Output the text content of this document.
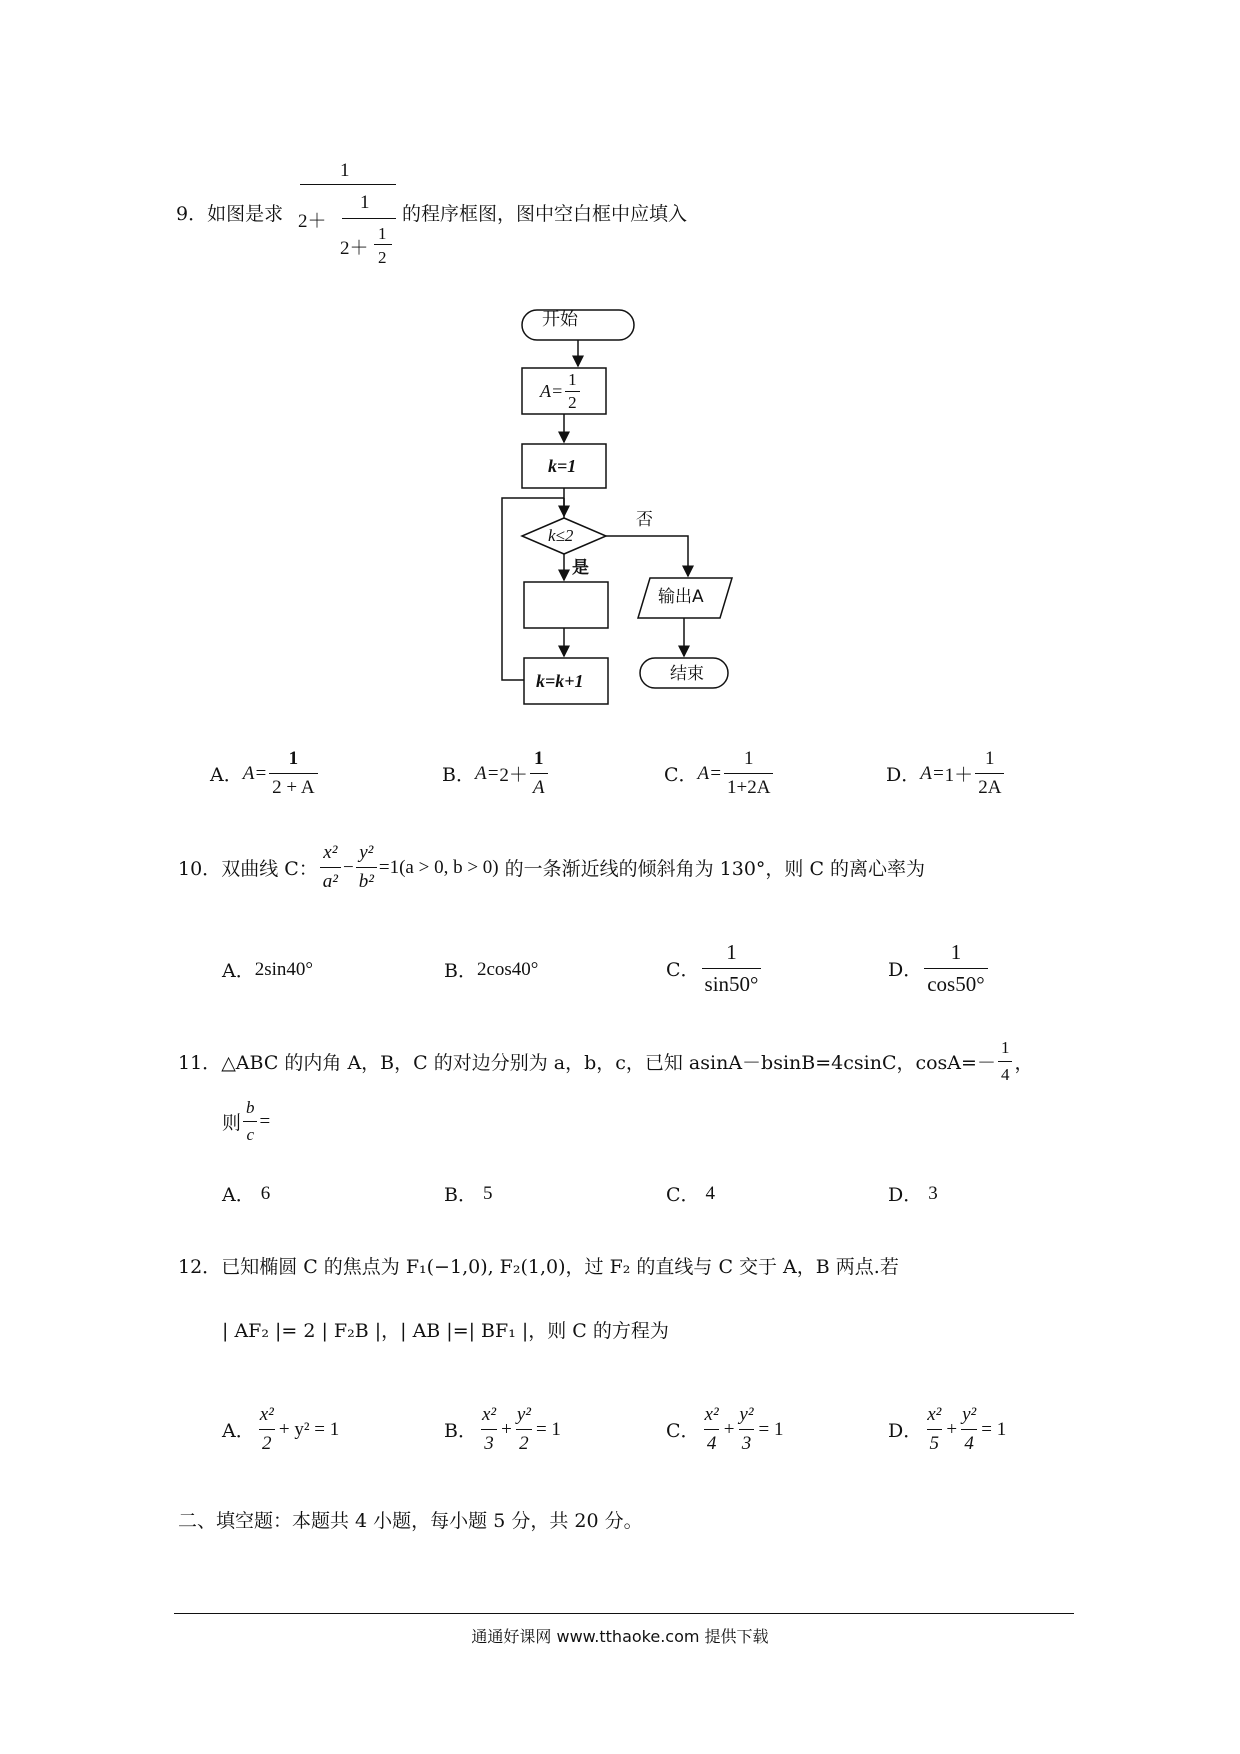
9．如图是求
1
2＋
1
2＋
1
2
的程序框图，图中空白框中应填入
开始
$A= \frac{1}{2}$
k=1
k≤2
否
是
输出A
k=k+1	结束
A． $A= \frac{1}{2 + A}$	B． $A= 2+ \frac{1}{A}$	C． $A= \frac{1}{1+2A}$	D． $A= 1+ \frac{1}{2A}$
10． 双曲线 C： $\frac{\text{x²}}{\text{a²}} - \frac{\text{y²}}{\text{b²}} =1(a > 0$, b > 0) 的一条渐近线的倾斜角为 130°，则 C 的离心率为
A． 2sin40°	B． 2cos40°	C． $\frac{1}{\sin 50^\circ}$	D． $\frac{1}{\cos 50^\circ}$
11． △ABC 的内角 A，B，C 的对边分别为 a，b，c，已知 asinA－bsinB=4csinC，$\cos A=- \frac{1}{4}$ ，
则 $\frac{b}{c}$ =
A． 6	B． 5	C． 4	D． 3
12．已知椭圆 C 的焦点为 F₁(−1,0), F₂(1,0)，过 F₂ 的直线与 C 交于 A，B 两点.若
| AF₂ |= 2 | F₂B |，| AB |=| BF₁ |，则 C 的方程为
A． $\frac{\text{x²}}{2} + y^2 = 1$	B． $\frac{\text{x²}}{3} + \frac{\text{y²}}{2} = 1$	C． $\frac{\text{x²}}{4} + \frac{\text{y²}}{3} = 1$	D． $\frac{\text{x²}}{5} + \frac{\text{y²}}{4} = 1$
二、填空题：本题共 4 小题，每小题 5 分，共 20 分。
通通好课网 www.tthaoke.com 提供下载
